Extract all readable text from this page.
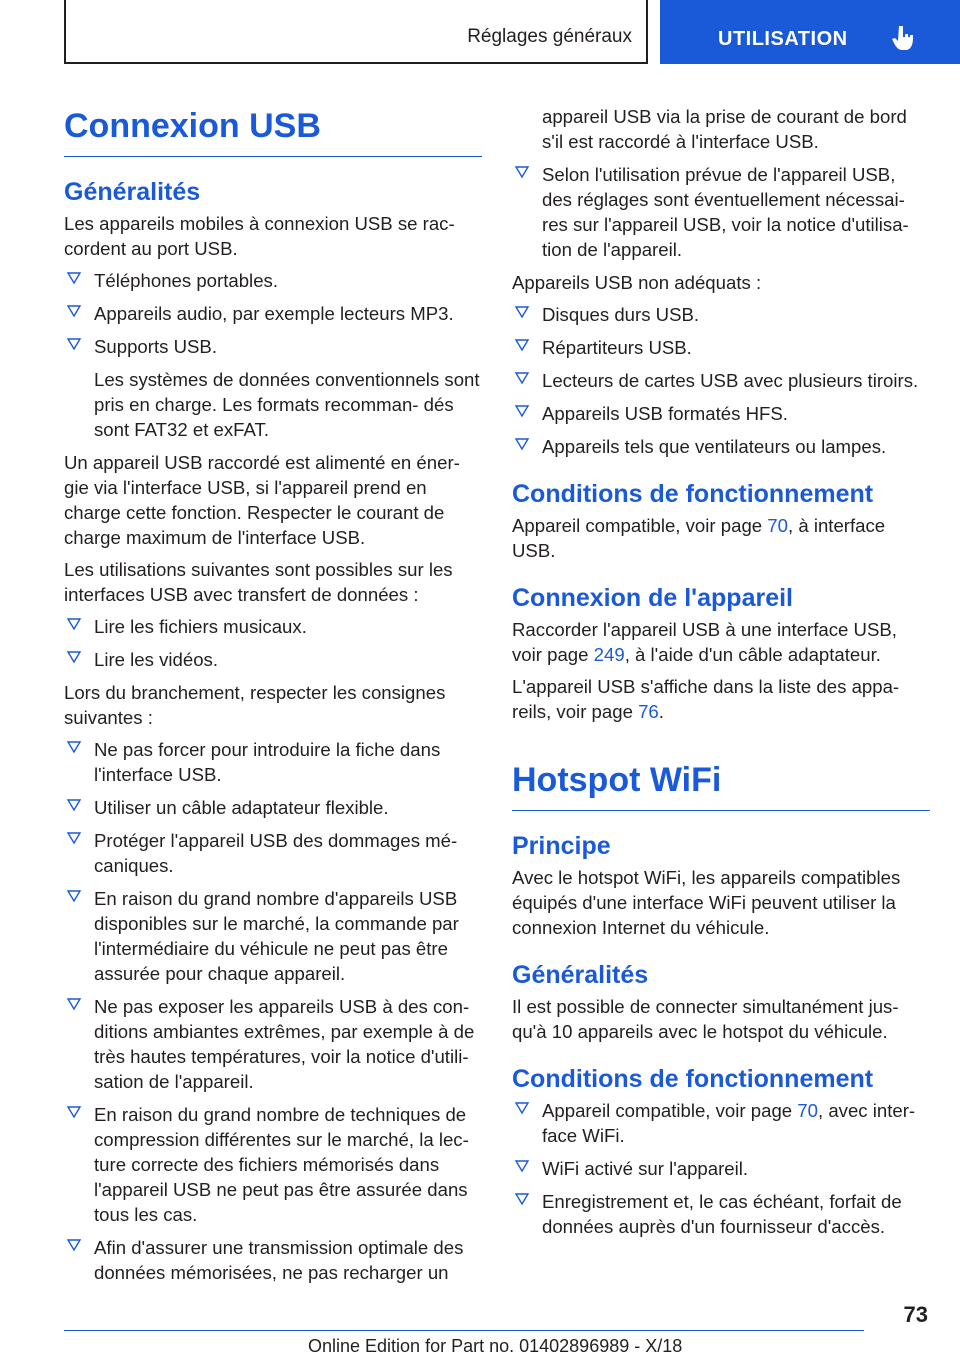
Réglages généraux	UTILISATION
Connexion USB
Généralités

Les appareils mobiles à connexion USB se rac- cordent au port USB.

Téléphones portables.
Appareils audio, par exemple lecteurs MP3.
Supports USB.
Les systèmes de données conventionnels sont pris en charge. Les formats recomman- dés sont FAT32 et exFAT.

Un appareil USB raccordé est alimenté en éner- gie via l'interface USB, si l'appareil prend en charge cette fonction. Respecter le courant de charge maximum de l'interface USB.

Les utilisations suivantes sont possibles sur les interfaces USB avec transfert de données :

Lire les fichiers musicaux.
Lire les vidéos.

Lors du branchement, respecter les consignes suivantes :

Ne pas forcer pour introduire la fiche dans l'interface USB.
Utiliser un câble adaptateur flexible.
Protéger l'appareil USB des dommages mé- caniques.
En raison du grand nombre d'appareils USB disponibles sur le marché, la commande par l'intermédiaire du véhicule ne peut pas être assurée pour chaque appareil.
Ne pas exposer les appareils USB à des con- ditions ambiantes extrêmes, par exemple à de très hautes températures, voir la notice d'utili- sation de l'appareil.
En raison du grand nombre de techniques de compression différentes sur le marché, la lec- ture correcte des fichiers mémorisés dans l'appareil USB ne peut pas être assurée dans tous les cas.
Afin d'assurer une transmission optimale des données mémorisées, ne pas recharger un
appareil USB via la prise de courant de bord s'il est raccordé à l'interface USB.
Selon l'utilisation prévue de l'appareil USB, des réglages sont éventuellement nécessai- res sur l'appareil USB, voir la notice d'utilisa- tion de l'appareil.

Appareils USB non adéquats :

Disques durs USB.
Répartiteurs USB.
Lecteurs de cartes USB avec plusieurs tiroirs.
Appareils USB formatés HFS.
Appareils tels que ventilateurs ou lampes.
Conditions de fonctionnement

Appareil compatible, voir page 70, à interface USB.

Connexion de l'appareil

Raccorder l'appareil USB à une interface USB, voir page 249, à l'aide d'un câble adaptateur.

L'appareil USB s'affiche dans la liste des appa- reils, voir page 76.

Hotspot WiFi
Principe

Avec le hotspot WiFi, les appareils compatibles équipés d'une interface WiFi peuvent utiliser la connexion Internet du véhicule.

Généralités

Il est possible de connecter simultanément jus- qu'à 10 appareils avec le hotspot du véhicule.

Conditions de fonctionnement
Appareil compatible, voir page 70, avec inter- face WiFi.
WiFi activé sur l'appareil.
Enregistrement et, le cas échéant, forfait de données auprès d'un fournisseur d'accès.
73
Online Edition for Part no. 01402896989 - X/18
